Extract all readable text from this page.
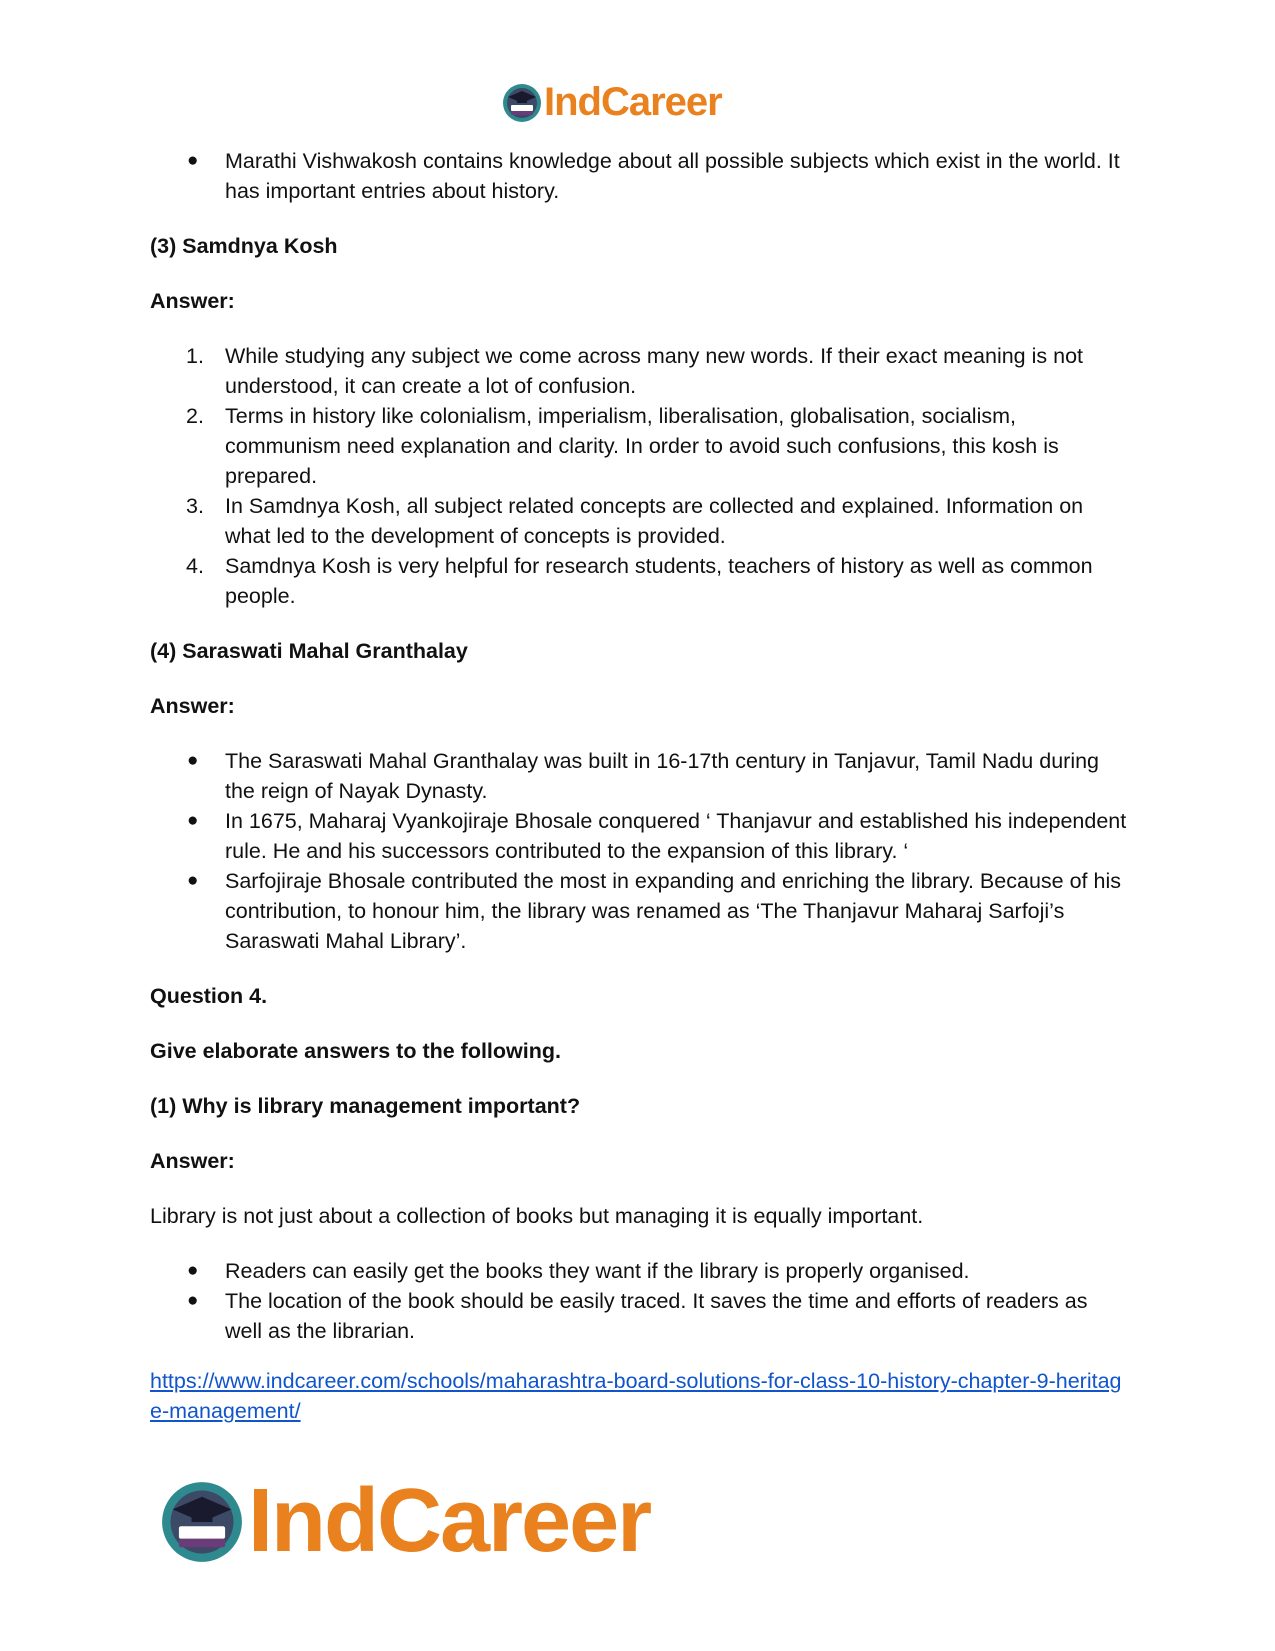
IndCareer
● Marathi Vishwakosh contains knowledge about all possible subjects which exist in the world. It has important entries about history.

(3) Samdnya Kosh

Answer:

1. While studying any subject we come across many new words. If their exact meaning is not understood, it can create a lot of confusion.
2. Terms in history like colonialism, imperialism, liberalisation, globalisation, socialism, communism need explanation and clarity. In order to avoid such confusions, this kosh is prepared.
3. In Samdnya Kosh, all subject related concepts are collected and explained. Information on what led to the development of concepts is provided.
4. Samdnya Kosh is very helpful for research students, teachers of history as well as common people.

(4) Saraswati Mahal Granthalay

Answer:

● The Saraswati Mahal Granthalay was built in 16-17th century in Tanjavur, Tamil Nadu during the reign of Nayak Dynasty.
● In 1675, Maharaj Vyankojiraje Bhosale conquered ‘ Thanjavur and established his independent rule. He and his successors contributed to the expansion of this library. ‘
● Sarfojiraje Bhosale contributed the most in expanding and enriching the library. Because of his contribution, to honour him, the library was renamed as ‘The Thanjavur Maharaj Sarfoji’s Saraswati Mahal Library’.

Question 4.

Give elaborate answers to the following.

(1) Why is library management important?

Answer:

Library is not just about a collection of books but managing it is equally important.

● Readers can easily get the books they want if the library is properly organised.
● The location of the book should be easily traced. It saves the time and efforts of readers as well as the librarian.
https://www.indcareer.com/schools/maharashtra-board-solutions-for-class-10-history-chapter-9-heritage-management/
IndCareer
